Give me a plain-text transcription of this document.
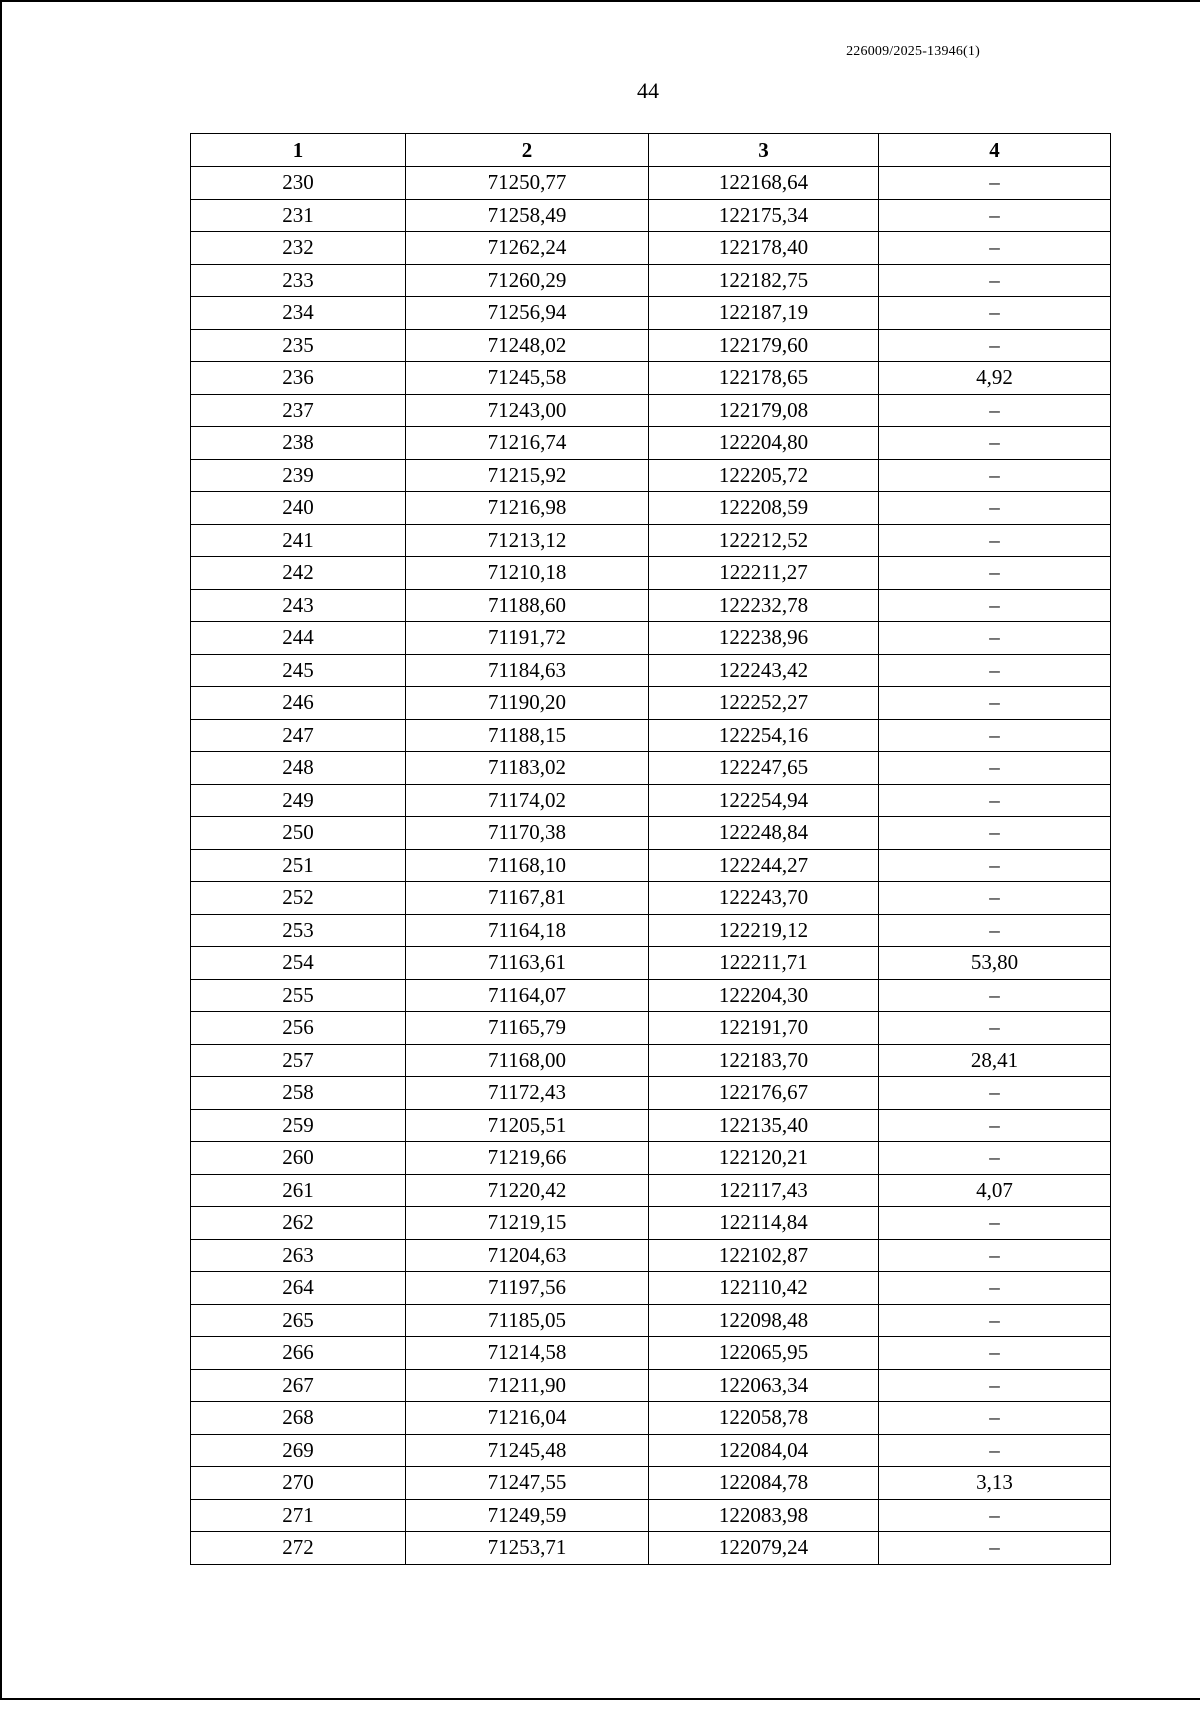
226009/2025-13946(1)
44
1	2	3	4
230	71250,77	122168,64	–
231	71258,49	122175,34	–
232	71262,24	122178,40	–
233	71260,29	122182,75	–
234	71256,94	122187,19	–
235	71248,02	122179,60	–
236	71245,58	122178,65	4,92
237	71243,00	122179,08	–
238	71216,74	122204,80	–
239	71215,92	122205,72	–
240	71216,98	122208,59	–
241	71213,12	122212,52	–
242	71210,18	122211,27	–
243	71188,60	122232,78	–
244	71191,72	122238,96	–
245	71184,63	122243,42	–
246	71190,20	122252,27	–
247	71188,15	122254,16	–
248	71183,02	122247,65	–
249	71174,02	122254,94	–
250	71170,38	122248,84	–
251	71168,10	122244,27	–
252	71167,81	122243,70	–
253	71164,18	122219,12	–
254	71163,61	122211,71	53,80
255	71164,07	122204,30	–
256	71165,79	122191,70	–
257	71168,00	122183,70	28,41
258	71172,43	122176,67	–
259	71205,51	122135,40	–
260	71219,66	122120,21	–
261	71220,42	122117,43	4,07
262	71219,15	122114,84	–
263	71204,63	122102,87	–
264	71197,56	122110,42	–
265	71185,05	122098,48	–
266	71214,58	122065,95	–
267	71211,90	122063,34	–
268	71216,04	122058,78	–
269	71245,48	122084,04	–
270	71247,55	122084,78	3,13
271	71249,59	122083,98	–
272	71253,71	122079,24	–
